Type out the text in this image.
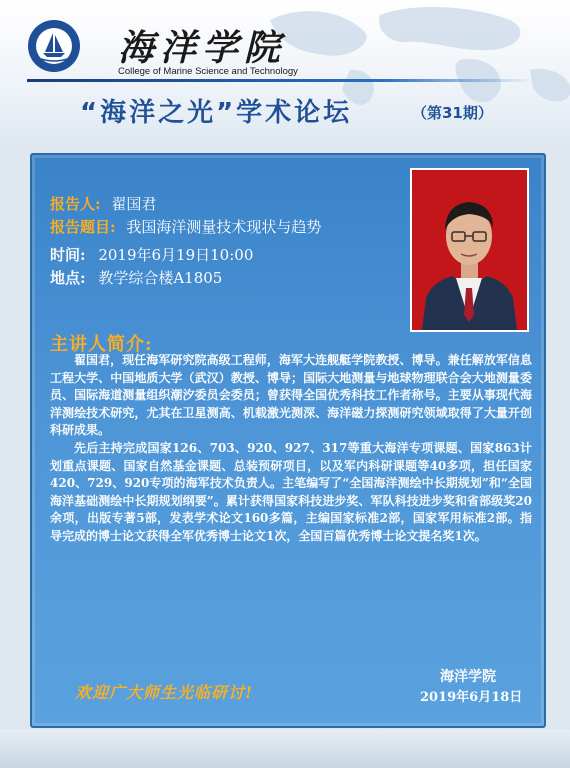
海洋学院
College of Marine Science and Technology
“海洋之光”学术论坛	（第31期）
报告人: 翟国君
报告题目: 我国海洋测量技术现状与趋势
时间: 2019年6月19日10:00
地点: 教学综合楼A1805
主讲人简介:

翟国君，现任海军研究院高级工程师，海军大连舰艇学院教授、博导。兼任解放军信息工程大学、中国地质大学（武汉）教授、博导；国际大地测量与地球物理联合会大地测量委员、国际海道测量组织潮汐委员会委员；曾获得全国优秀科技工作者称号。主要从事现代海洋测绘技术研究，尤其在卫星测高、机载激光测深、海洋磁力探测研究领域取得了大量开创科研成果。

先后主持完成国家126、703、920、927、317等重大海洋专项课题、国家863计划重点课题、国家自然基金课题、总装预研项目，以及军内科研课题等40多项，担任国家420、729、920专项的海军技术负责人。主笔编写了“全国海洋测绘中长期规划”和“全国海洋基础测绘中长期规划纲要”。累计获得国家科技进步奖、军队科技进步奖和省部级奖20余项，出版专著5部，发表学术论文160多篇，主编国家标准2部，国家军用标准2部。指导完成的博士论文获得全军优秀博士论文1次，全国百篇优秀博士论文提名奖1次。

欢迎广大师生光临研讨!
海洋学院
2019年6月18日
